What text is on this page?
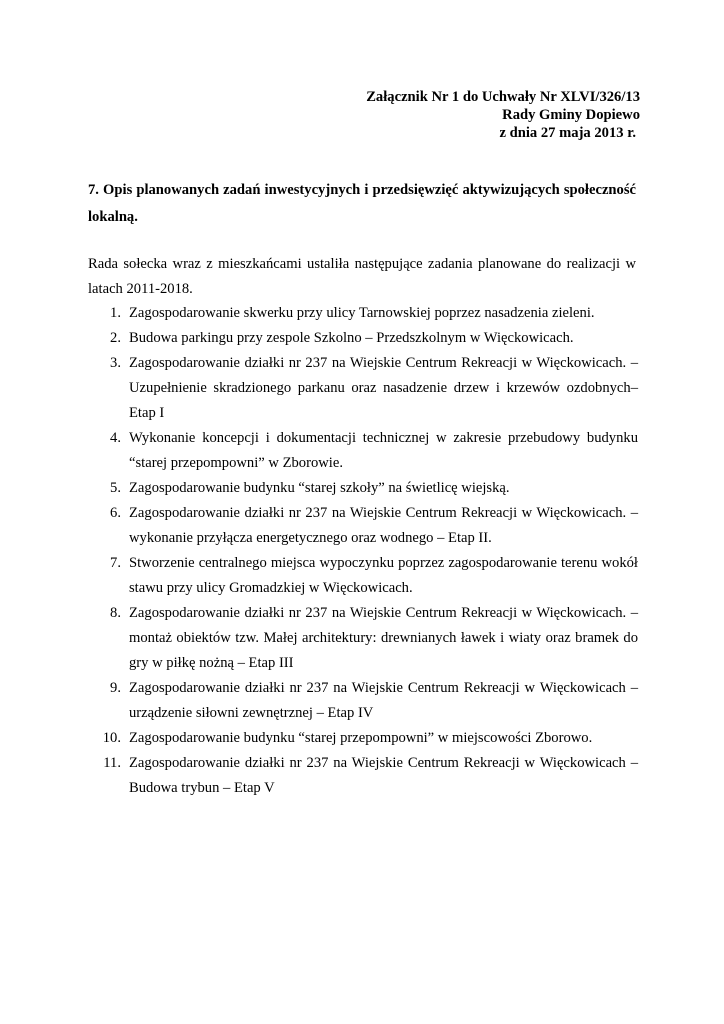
Załącznik Nr 1 do Uchwały Nr XLVI/326/13
Rady Gminy Dopiewo
z dnia 27 maja 2013 r.

7. Opis planowanych zadań inwestycyjnych i przedsięwzięć aktywizujących społeczność lokalną.

Rada sołecka wraz z mieszkańcami ustaliła następujące zadania planowane do realizacji w latach 2011-2018.

1. Zagospodarowanie skwerku przy ulicy Tarnowskiej poprzez nasadzenia zieleni.
2. Budowa parkingu przy zespole Szkolno – Przedszkolnym w Więckowicach.
3. Zagospodarowanie działki nr 237 na Wiejskie Centrum Rekreacji w Więckowicach. – Uzupełnienie skradzionego parkanu oraz nasadzenie drzew i krzewów ozdobnych– Etap I
4. Wykonanie koncepcji i dokumentacji technicznej w zakresie przebudowy budynku “starej przepompowni” w Zborowie.
5. Zagospodarowanie budynku “starej szkoły” na świetlicę wiejską.
6. Zagospodarowanie działki nr 237 na Wiejskie Centrum Rekreacji w Więckowicach. – wykonanie przyłącza energetycznego oraz wodnego – Etap II.
7. Stworzenie centralnego miejsca wypoczynku poprzez zagospodarowanie terenu wokół stawu przy ulicy Gromadzkiej w Więckowicach.
8. Zagospodarowanie działki nr 237 na Wiejskie Centrum Rekreacji w Więckowicach. – montaż obiektów tzw. Małej architektury: drewnianych ławek i wiaty oraz bramek do gry w piłkę nożną – Etap III
9. Zagospodarowanie działki nr 237 na Wiejskie Centrum Rekreacji w Więckowicach – urządzenie siłowni zewnętrznej – Etap IV
10. Zagospodarowanie budynku “starej przepompowni” w miejscowości Zborowo.
11. Zagospodarowanie działki nr 237 na Wiejskie Centrum Rekreacji w Więckowicach – Budowa trybun – Etap V
